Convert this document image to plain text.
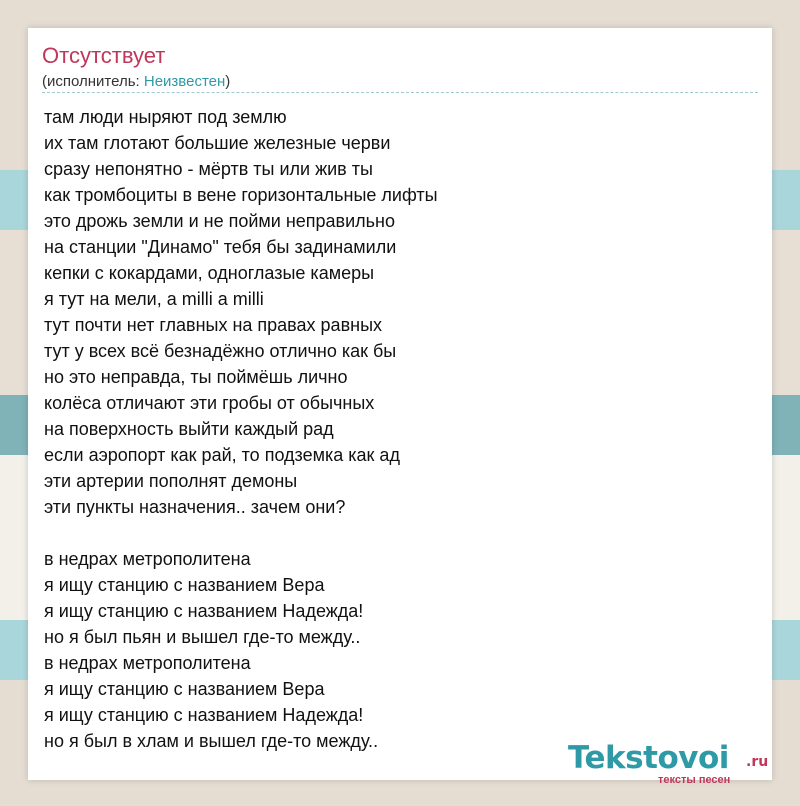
Отсутствует
(исполнитель: Неизвестен)
там люди ныряют под землю
их там глотают большие железные черви
сразу непонятно - мёртв ты или жив ты
как тромбоциты в вене горизонтальные лифты
это дрожь земли и не пойми неправильно
на станции "Динамо" тебя бы задинамили
кепки с кокардами, одноглазые камеры
я тут на мели, а milli a milli
тут почти нет главных на правах равных
тут у всех всё безнадёжно отлично как бы
но это неправда, ты поймёшь лично
колёса отличают эти гробы от обычных
на поверхность выйти каждый рад
если аэропорт как рай, то подземка как ад
эти артерии пополнят демоны
эти пункты назначения.. зачем они?
в недрах метрополитена
я ищу станцию с названием Вера
я ищу станцию с названием Надежда!
но я был пьян и вышел где-то между..
в недрах метрополитена
я ищу станцию с названием Вера
я ищу станцию с названием Надежда!
но я был в хлам и вышел где-то между..	Tekstovoi .ru
тексты песен
